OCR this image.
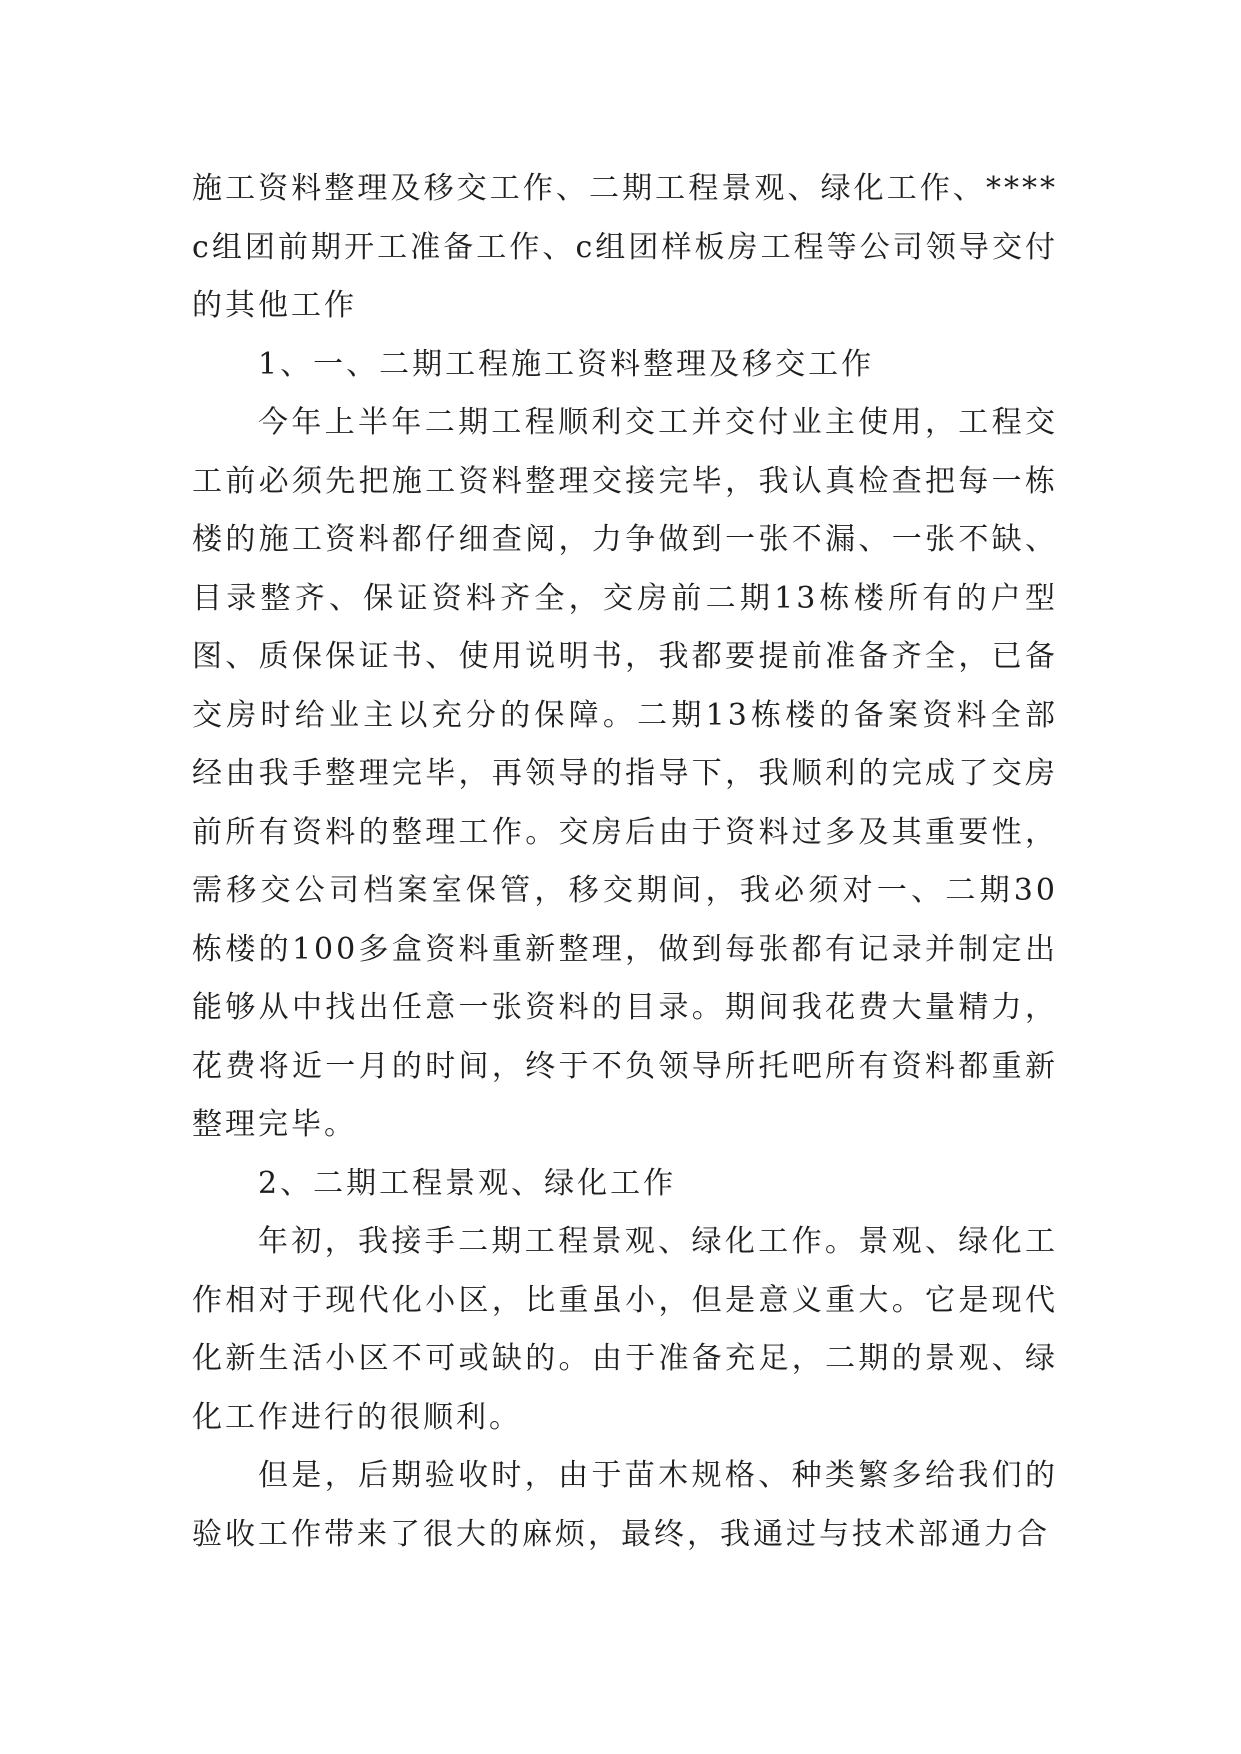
施工资料整理及移交工作、二期工程景观、绿化工作、****c组团前期开工准备工作、c组团样板房工程等公司领导交付的其他工作

1、一、二期工程施工资料整理及移交工作

今年上半年二期工程顺利交工并交付业主使用，工程交工前必须先把施工资料整理交接完毕，我认真检查把每一栋楼的施工资料都仔细查阅，力争做到一张不漏、一张不缺、目录整齐、保证资料齐全，交房前二期13栋楼所有的户型图、质保保证书、使用说明书，我都要提前准备齐全，已备交房时给业主以充分的保障。二期13栋楼的备案资料全部经由我手整理完毕，再领导的指导下，我顺利的完成了交房前所有资料的整理工作。交房后由于资料过多及其重要性，需移交公司档案室保管，移交期间，我必须对一、二期30栋楼的100多盒资料重新整理，做到每张都有记录并制定出能够从中找出任意一张资料的目录。期间我花费大量精力，花费将近一月的时间，终于不负领导所托吧所有资料都重新整理完毕。

2、二期工程景观、绿化工作

年初，我接手二期工程景观、绿化工作。景观、绿化工作相对于现代化小区，比重虽小，但是意义重大。它是现代化新生活小区不可或缺的。由于准备充足，二期的景观、绿化工作进行的很顺利。

但是，后期验收时，由于苗木规格、种类繁多给我们的验收工作带来了很大的麻烦，最终，我通过与技术部通力合
